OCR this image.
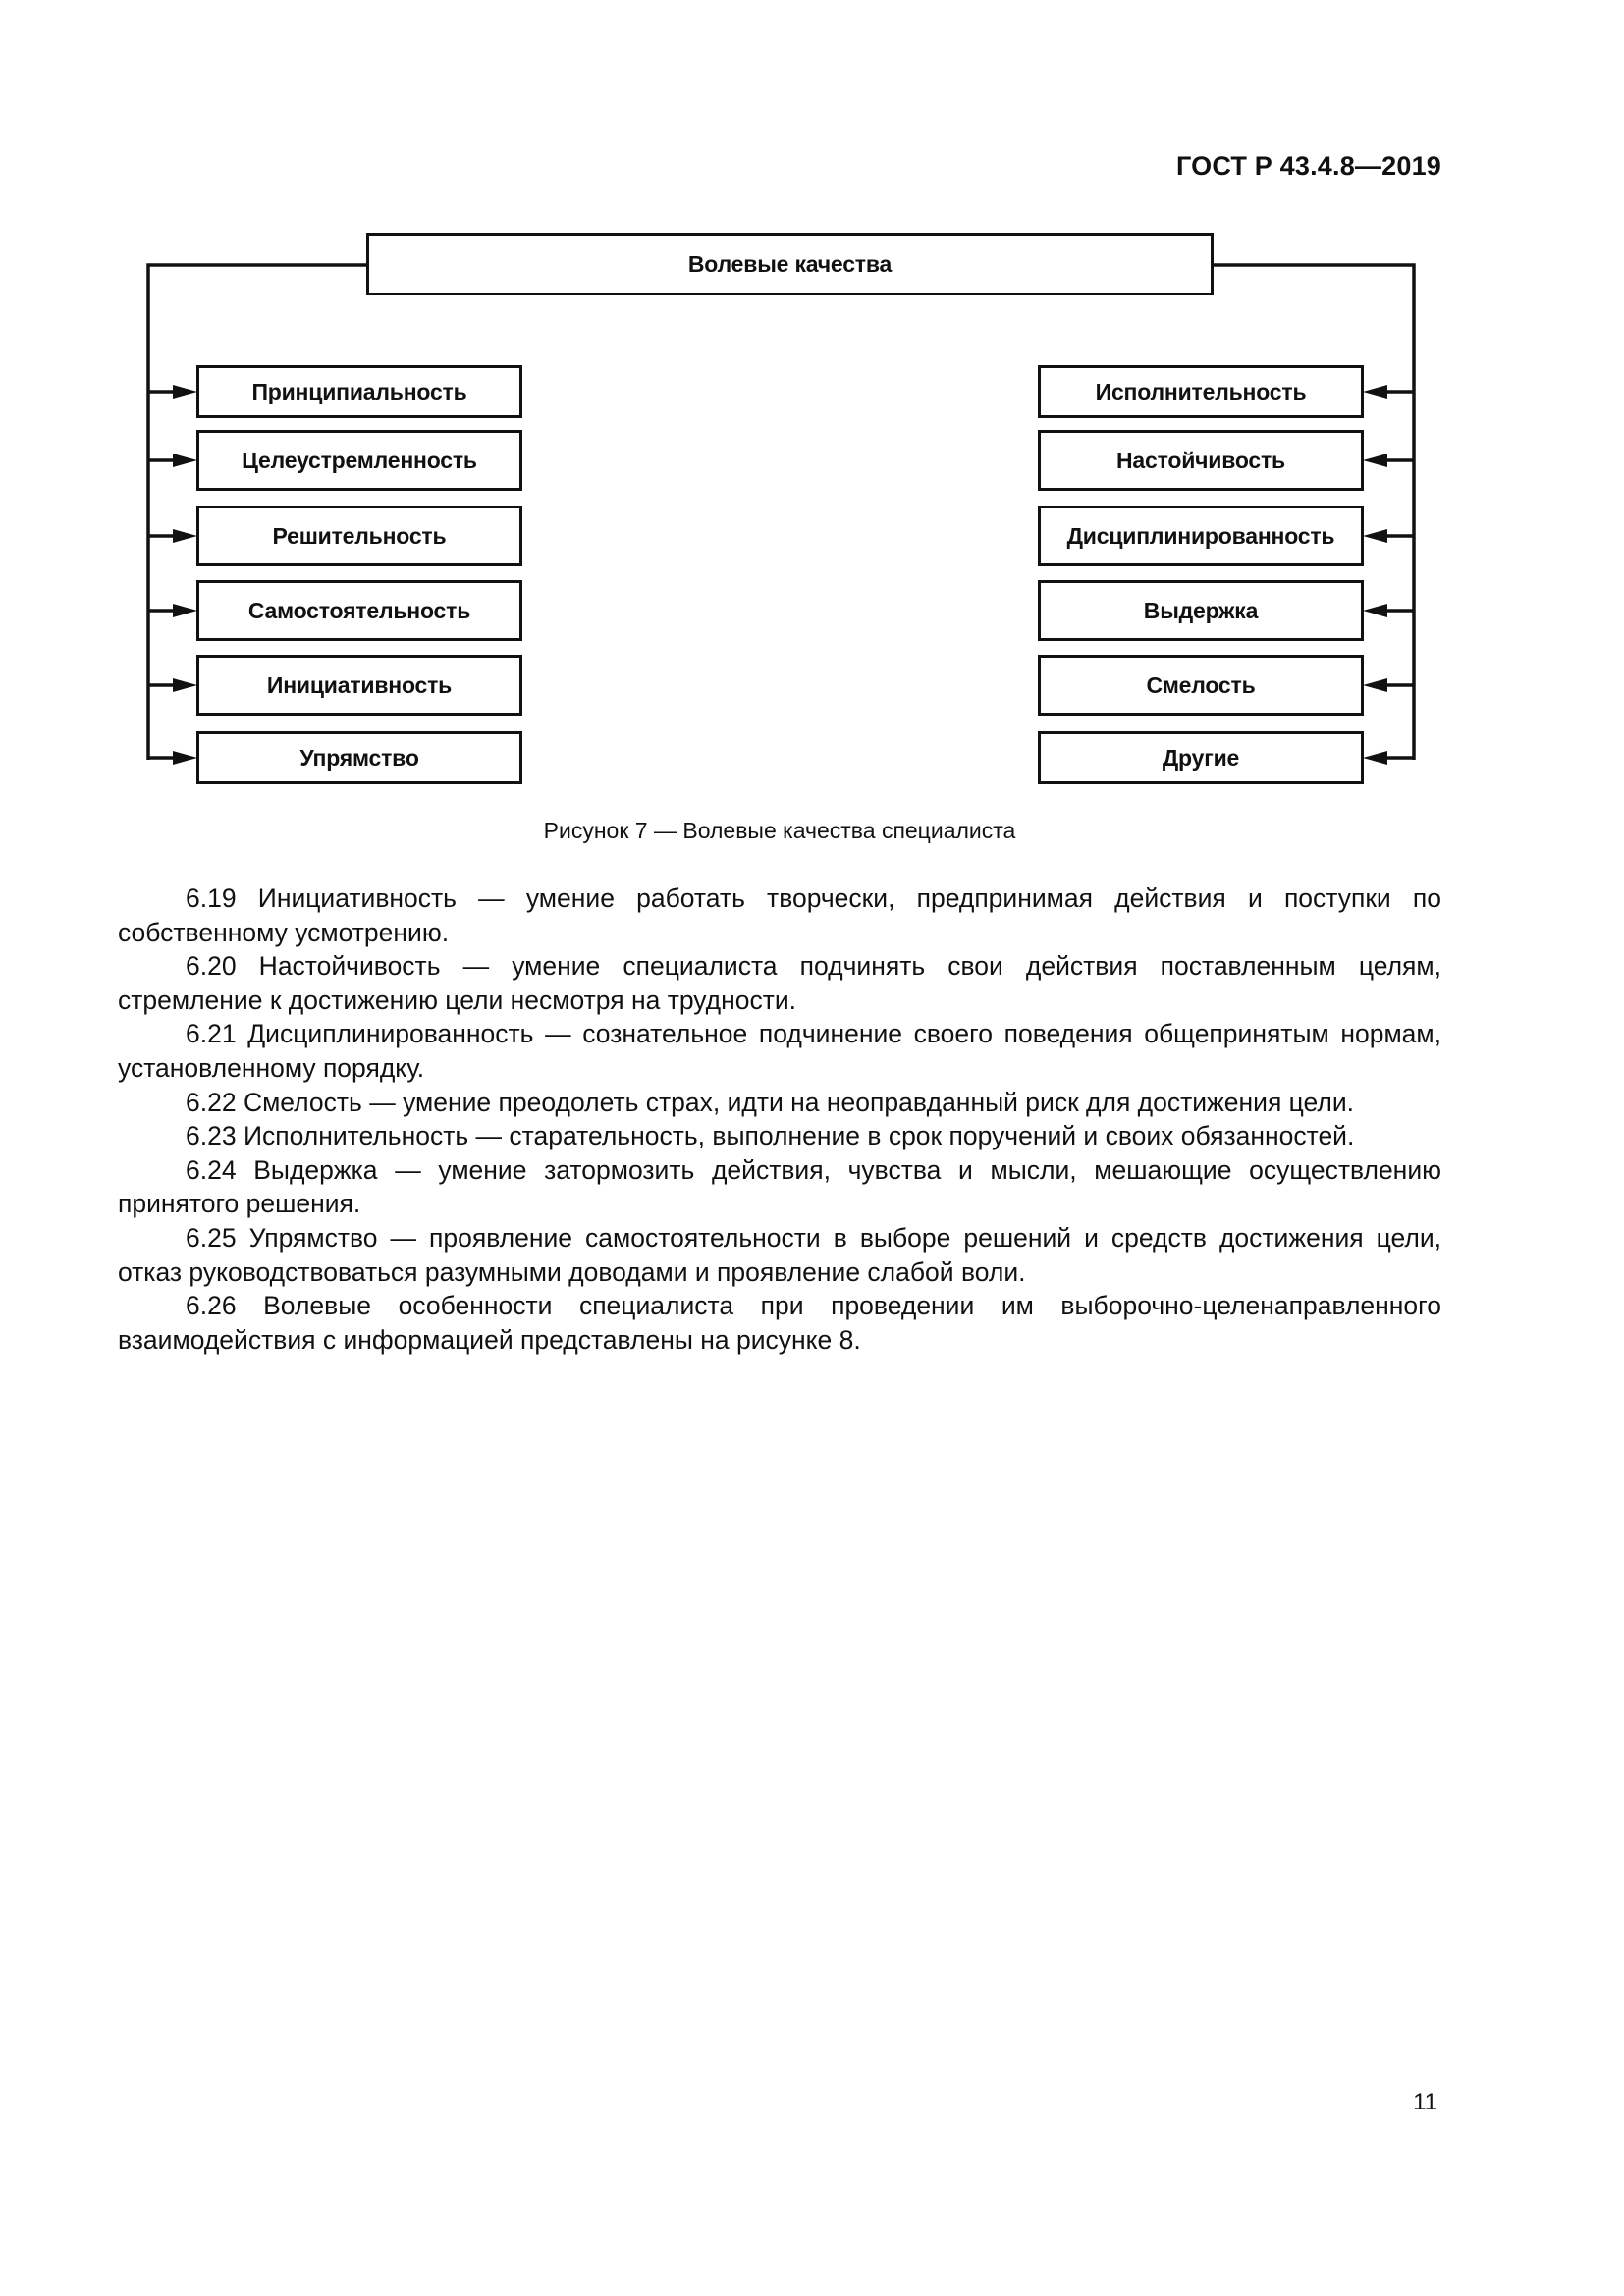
ГОСТ Р 43.4.8—2019
Волевые качества
Принципиальность
Целеустремленность
Решительность
Самостоятельность
Инициативность
Упрямство
Исполнительность
Настойчивость
Дисциплинированность
Выдержка
Смелость
Другие
Рисунок 7 — Волевые качества специалиста

6.19 Инициативность — умение работать творчески, предпринимая действия и поступки по собственному усмотрению.

6.20 Настойчивость — умение специалиста подчинять свои действия поставленным целям, стремление к достижению цели несмотря на трудности.

6.21 Дисциплинированность — сознательное подчинение своего поведения общепринятым нормам, установленному порядку.

6.22 Смелость — умение преодолеть страх, идти на неоправданный риск для достижения цели.

6.23 Исполнительность — старательность, выполнение в срок поручений и своих обязанностей.

6.24 Выдержка — умение затормозить действия, чувства и мысли, мешающие осуществлению принятого решения.

6.25 Упрямство — проявление самостоятельности в выборе решений и средств достижения цели, отказ руководствоваться разумными доводами и проявление слабой воли.

6.26 Волевые особенности специалиста при проведении им выборочно-целенаправленного взаимодействия с информацией представлены на рисунке 8.

11
